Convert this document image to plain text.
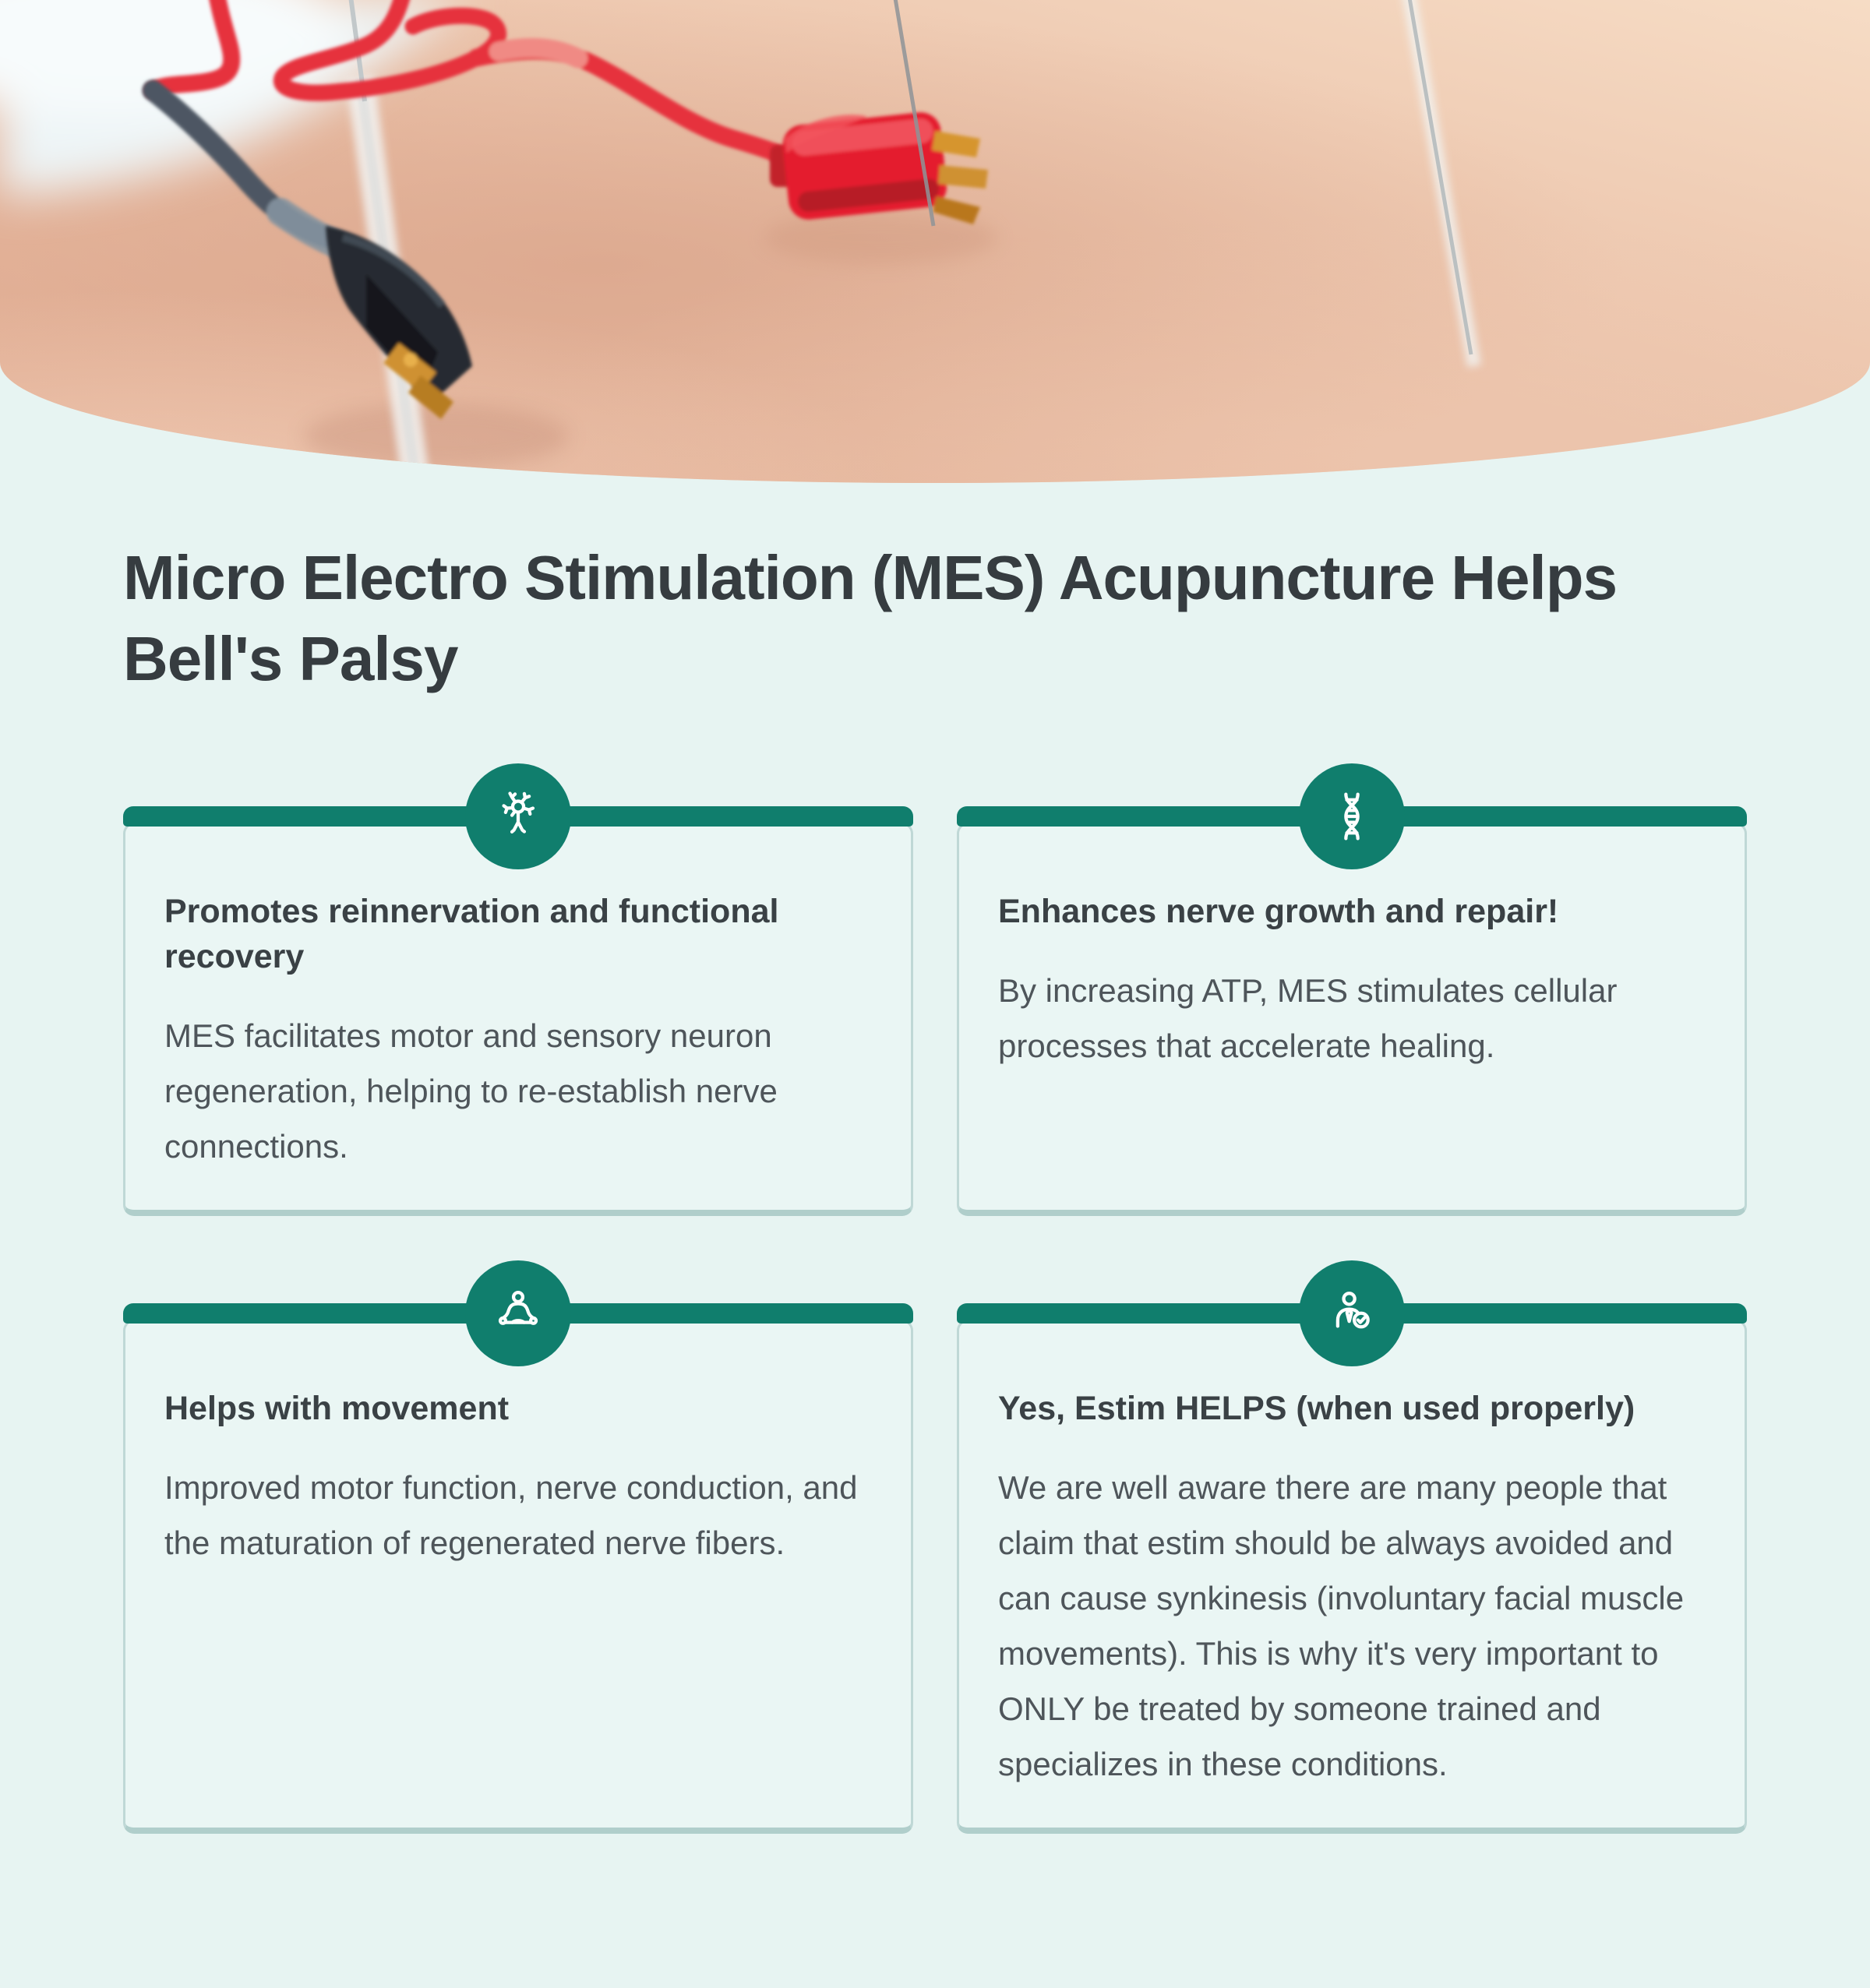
Micro Electro Stimulation (MES) Acupuncture Helps Bell's Palsy
Promotes reinnervation and functional recovery

MES facilitates motor and sensory neuron regeneration, helping to re-establish nerve connections.

Enhances nerve growth and repair!

By increasing ATP, MES stimulates cellular processes that accelerate healing.

Helps with movement

Improved motor function, nerve conduction, and the maturation of regenerated nerve fibers.

Yes, Estim HELPS (when used properly)

We are well aware there are many people that claim that estim should be always avoided and can cause synkinesis (involuntary facial muscle movements). This is why it's very important to ONLY be treated by someone trained and specializes in these conditions.
